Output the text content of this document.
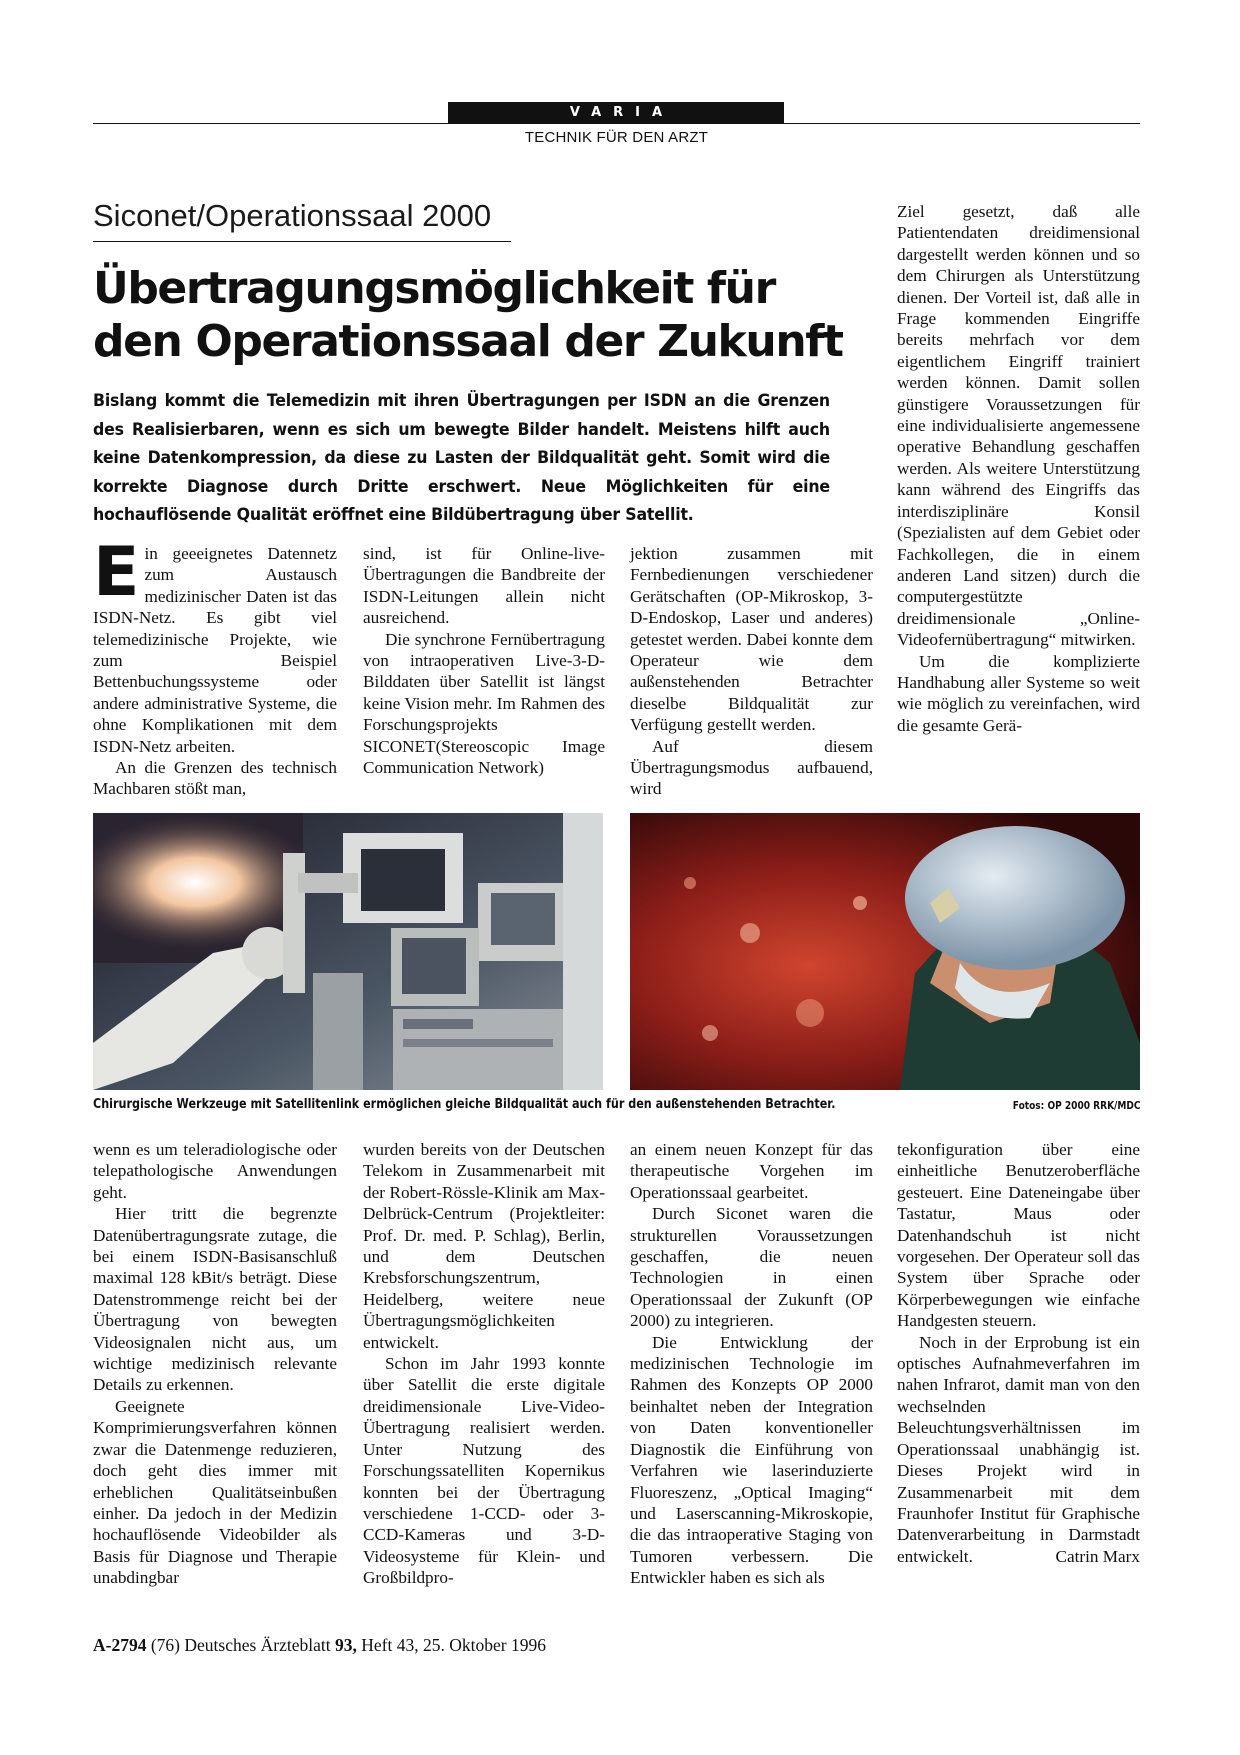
VARIA
TECHNIK FÜR DEN ARZT
Siconet/Operationssaal 2000
Übertragungsmöglichkeit für
den Operationssaal der Zukunft

Bislang kommt die Telemedizin mit ihren Übertragungen per ISDN an die Grenzen des Realisierbaren, wenn es sich um bewegte Bilder handelt. Meistens hilft auch keine Datenkompression, da diese zu Lasten der Bildqualität geht. Somit wird die korrekte Diagnose durch Dritte erschwert. Neue Möglichkeiten für eine hochauflösende Qualität eröffnet eine Bildübertragung über Satellit.

Ein geeeignetes Datennetz zum Austausch medizinischer Daten ist das ISDN-Netz. Es gibt viel telemedizinische Projekte, wie zum Beispiel Bettenbuchungssysteme oder andere administrative Systeme, die ohne Komplikationen mit dem ISDN-Netz arbeiten.

An die Grenzen des technisch Machbaren stößt man,

sind, ist für Online-live-Übertragungen die Bandbreite der ISDN-Leitungen allein nicht ausreichend.

Die synchrone Fernübertragung von intraoperativen Live-3-D-Bilddaten über Satellit ist längst keine Vision mehr. Im Rahmen des Forschungsprojekts SICONET(Stereoscopic Image Communication Network)

jektion zusammen mit Fernbedienungen verschiedener Gerätschaften (OP-Mikroskop, 3-D-Endoskop, Laser und anderes) getestet werden. Dabei konnte dem Operateur wie dem außenstehenden Betrachter dieselbe Bildqualität zur Verfügung gestellt werden.

Auf diesem Übertragungsmodus aufbauend, wird

Ziel gesetzt, daß alle Patientendaten dreidimensional dargestellt werden können und so dem Chirurgen als Unterstützung dienen. Der Vorteil ist, daß alle in Frage kommenden Eingriffe bereits mehrfach vor dem eigentlichem Eingriff trainiert werden können. Damit sollen günstigere Voraussetzungen für eine individualisierte angemessene operative Behandlung geschaffen werden. Als weitere Unterstützung kann während des Eingriffs das interdisziplinäre Konsil (Spezialisten auf dem Gebiet oder Fachkollegen, die in einem anderen Land sitzen) durch die computergestützte dreidimensionale „Online-Videofernübertragung“ mitwirken.

Um die komplizierte Handhabung aller Systeme so weit wie möglich zu vereinfachen, wird die gesamte Gerä-

Chirurgische Werkzeuge mit Satellitenlink ermöglichen gleiche Bildqualität auch für den außenstehenden Betrachter.	Fotos: OP 2000 RRK/MDC

wenn es um teleradiologische oder telepathologische Anwendungen geht.

Hier tritt die begrenzte Datenübertragungsrate zutage, die bei einem ISDN-Basisanschluß maximal 128 kBit/s beträgt. Diese Datenstrommenge reicht bei der Übertragung von bewegten Videosignalen nicht aus, um wichtige medizinisch relevante Details zu erkennen.

Geeignete Komprimierungsverfahren können zwar die Datenmenge reduzieren, doch geht dies immer mit erheblichen Qualitätseinbußen einher. Da jedoch in der Medizin hochauflösende Videobilder als Basis für Diagnose und Therapie unabdingbar

wurden bereits von der Deutschen Telekom in Zusammenarbeit mit der Robert-Rössle-Klinik am Max-Delbrück-Centrum (Projektleiter: Prof. Dr. med. P. Schlag), Berlin, und dem Deutschen Krebsforschungszentrum, Heidelberg, weitere neue Übertragungsmöglichkeiten entwickelt.

Schon im Jahr 1993 konnte über Satellit die erste digitale dreidimensionale Live-Video-Übertragung realisiert werden. Unter Nutzung des Forschungssatelliten Kopernikus konnten bei der Übertragung verschiedene 1-CCD- oder 3-CCD-Kameras und 3-D-Videosysteme für Klein- und Großbildpro-

an einem neuen Konzept für das therapeutische Vorgehen im Operationssaal gearbeitet.

Durch Siconet waren die strukturellen Voraussetzungen geschaffen, die neuen Technologien in einen Operationssaal der Zukunft (OP 2000) zu integrieren.

Die Entwicklung der medizinischen Technologie im Rahmen des Konzepts OP 2000 beinhaltet neben der Integration von Daten konventioneller Diagnostik die Einführung von Verfahren wie laserinduzierte Fluoreszenz, „Optical Imaging“ und Laserscanning-Mikroskopie, die das intraoperative Staging von Tumoren verbessern. Die Entwickler haben es sich als

tekonfiguration über eine einheitliche Benutzeroberfläche gesteuert. Eine Dateneingabe über Tastatur, Maus oder Datenhandschuh ist nicht vorgesehen. Der Operateur soll das System über Sprache oder Körperbewegungen wie einfache Handgesten steuern.

Noch in der Erprobung ist ein optisches Aufnahmeverfahren im nahen Infrarot, damit man von den wechselnden Beleuchtungsverhältnissen im Operationssaal unabhängig ist. Dieses Projekt wird in Zusammenarbeit mit dem Fraunhofer Institut für Graphische Datenverarbeitung in Darmstadt entwickelt.	Catrin Marx

A-2794 (76) Deutsches Ärzteblatt 93, Heft 43, 25. Oktober 1996
